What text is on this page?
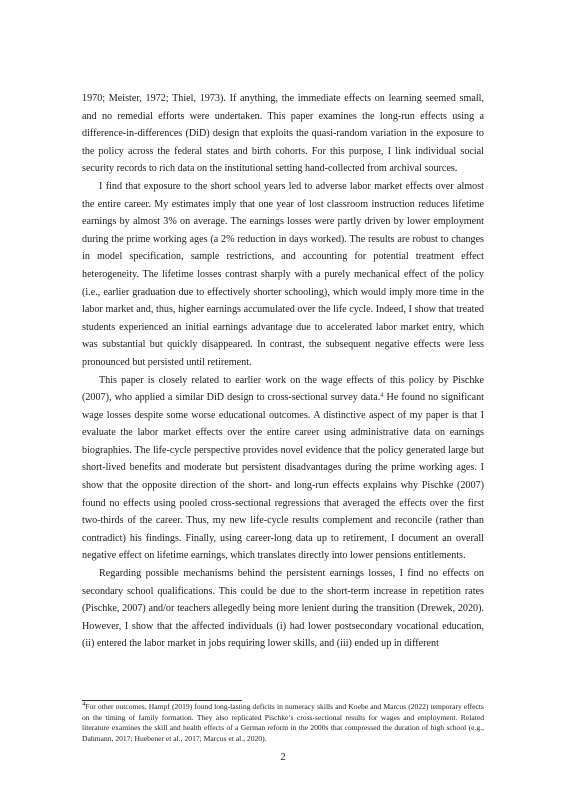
1970; Meister, 1972; Thiel, 1973). If anything, the immediate effects on learning seemed small, and no remedial efforts were undertaken. This paper examines the long-run effects using a difference-in-differences (DiD) design that exploits the quasi-random variation in the exposure to the policy across the federal states and birth cohorts. For this purpose, I link individual social security records to rich data on the institutional setting hand-collected from archival sources.

I find that exposure to the short school years led to adverse labor market effects over almost the entire career. My estimates imply that one year of lost classroom instruction reduces lifetime earnings by almost 3% on average. The earnings losses were partly driven by lower employment during the prime working ages (a 2% reduction in days worked). The results are robust to changes in model specification, sample restrictions, and accounting for potential treatment effect heterogeneity. The lifetime losses contrast sharply with a purely mechanical effect of the policy (i.e., earlier graduation due to effectively shorter schooling), which would imply more time in the labor market and, thus, higher earnings accumulated over the life cycle. Indeed, I show that treated students experienced an initial earnings advantage due to accelerated labor market entry, which was substantial but quickly disappeared. In contrast, the subsequent negative effects were less pronounced but persisted until retirement.

This paper is closely related to earlier work on the wage effects of this policy by Pischke (2007), who applied a similar DiD design to cross-sectional survey data.$^4$ He found no significant wage losses despite some worse educational outcomes. A distinctive aspect of my paper is that I evaluate the labor market effects over the entire career using administrative data on earnings biographies. The life-cycle perspective provides novel evidence that the policy generated large but short-lived benefits and moderate but persistent disadvantages during the prime working ages. I show that the opposite direction of the short- and long-run effects explains why Pischke (2007) found no effects using pooled cross-sectional regressions that averaged the effects over the first two-thirds of the career. Thus, my new life-cycle results complement and reconcile (rather than contradict) his findings. Finally, using career-long data up to retirement, I document an overall negative effect on lifetime earnings, which translates directly into lower pensions entitlements.

Regarding possible mechanisms behind the persistent earnings losses, I find no effects on secondary school qualifications. This could be due to the short-term increase in repetition rates (Pischke, 2007) and/or teachers allegedly being more lenient during the transition (Drewek, 2020). However, I show that the affected individuals (i) had lower postsecondary vocational education, (ii) entered the labor market in jobs requiring lower skills, and (iii) ended up in different

$^4$For other outcomes, Hampf (2019) found long-lasting deficits in numeracy skills and Koebe and Marcus (2022) temporary effects on the timing of family formation. They also replicated Pischke’s cross-sectional results for wages and employment. Related literature examines the skill and health effects of a German reform in the 2000s that compressed the duration of high school (e.g., Dahmann, 2017; Huebener et al., 2017; Marcus et al., 2020).

2
